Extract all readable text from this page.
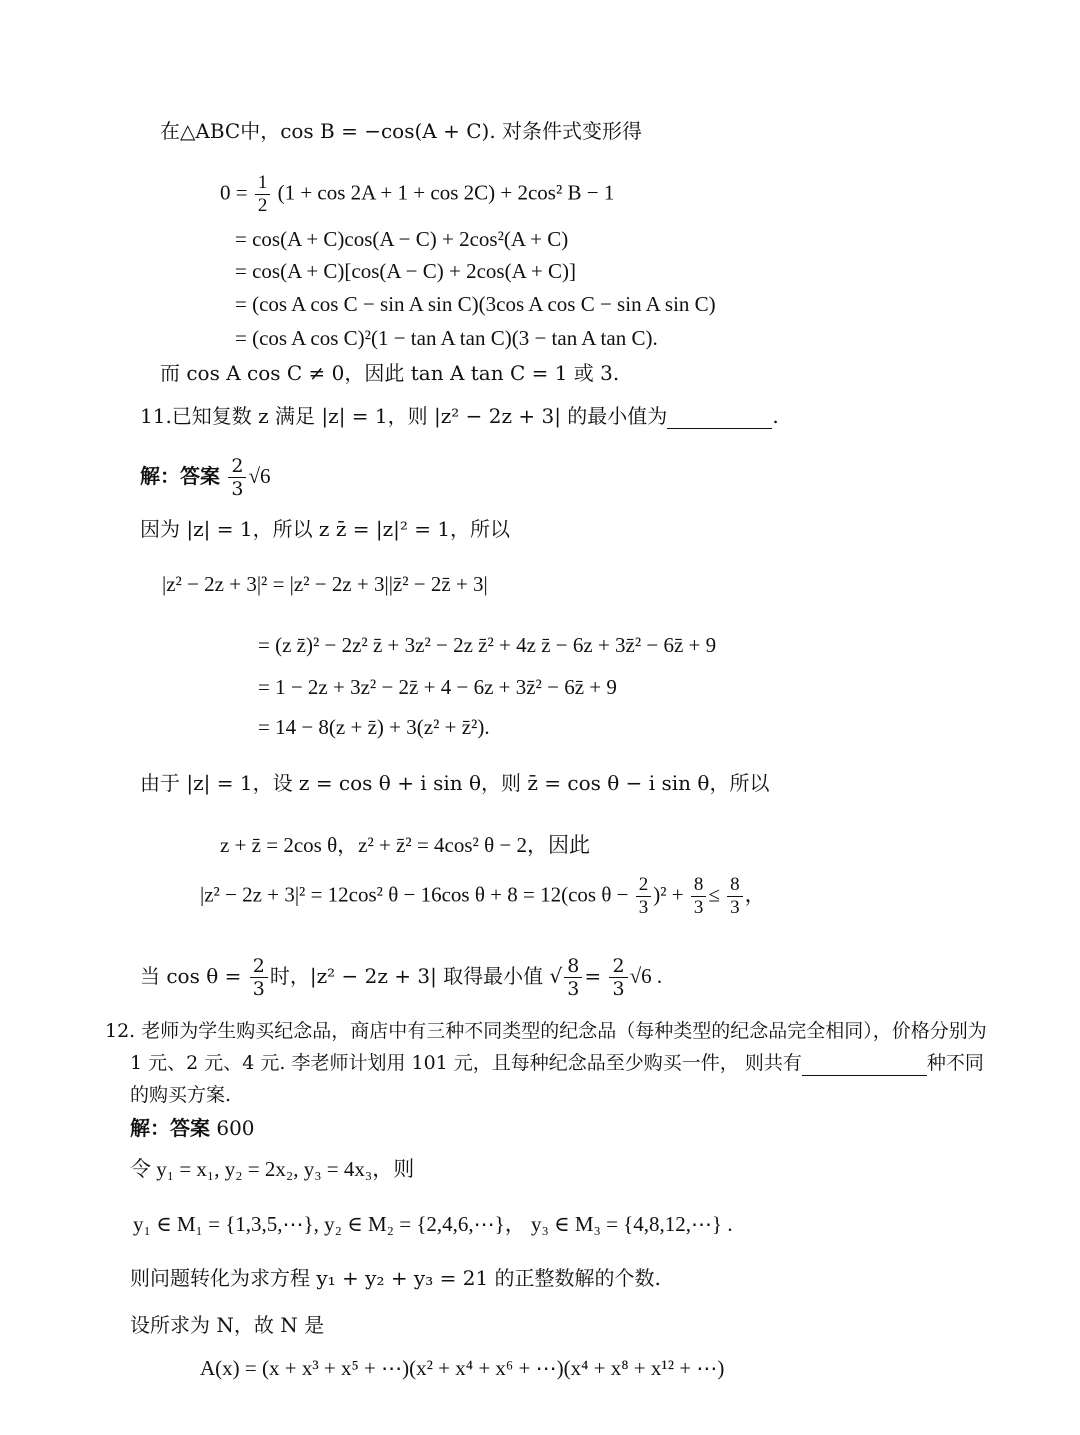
在△ABC中，cos B = −cos(A + C). 对条件式变形得
$0 = \frac{1}{2} (1 + \cos 2A + 1 + \cos 2C) + 2\cos^2$ B − 1
= cos(A + C)cos(A − C) + 2cos²(A + C)
= cos(A + C)[cos(A − C) + 2cos(A + C)]
= (cos A cos C − sin A sin C)(3cos A cos C − sin A sin C)
= (cos A cos C)²(1 − tan A tan C)(3 − tan A tan C).
而 cos A cos C ≠ 0，因此 tan A tan C = 1 或 3.
11.已知复数 z 满足 |z| = 1，则 |z² − 2z + 3| 的最小值为	.
解：答案 $\frac{2}{3} √6$
因为 |z| = 1，所以 z z̄ = |z|² = 1，所以
|z² − 2z + 3|² = |z² − 2z + 3||z̄² − 2z̄ + 3|
= (z z̄)² − 2z² z̄ + 3z² − 2z z̄² + 4z z̄ − 6z + 3z̄² − 6z̄ + 9
= 1 − 2z + 3z² − 2z̄ + 4 − 6z + 3z̄² − 6z̄ + 9
= 14 − 8(z + z̄) + 3(z² + z̄²).
由于 |z| = 1，设 z = cos θ + i sin θ，则 z̄ = cos θ − i sin θ，所以
z + z̄ = 2cos θ，z² + z̄² = 4cos² θ − 2，因此
|z² − 2z + 3|² = 12cos² θ − 16cos θ + 8 = 12(cos $\theta - \frac{2}{3} )^2 + \frac{8}{3} \le \frac{8}{3}$ ，
当 $\cos \theta = \frac{2}{3}$ 时，|z² − 2z + 3| 取得最小值 √ $\frac{8}{3} = \frac{2}{3} √6$ .
12. 老师为学生购买纪念品，商店中有三种不同类型的纪念品（每种类型的纪念品完全相同），价格分别为
1 元、2 元、4 元. 李老师计划用 101 元，且每种纪念品至少购买一件， 则共有	种不同
的购买方案.
解：答案 600
令 y₁ = x₁, y₂ = 2x₂, y₃ = 4x₃，则
y₁ ∈ M₁ = {1,3,5,⋯}, y₂ ∈ M₂ = {2,4,6,⋯}， y₃ ∈ M₃ = {4,8,12,⋯} .
则问题转化为求方程 y₁ + y₂ + y₃ = 21 的正整数解的个数.
设所求为 N，故 N 是
A(x) = (x + x³ + x⁵ + ⋯)(x² + x⁴ + x⁶ + ⋯)(x⁴ + x⁸ + x¹² + ⋯)
